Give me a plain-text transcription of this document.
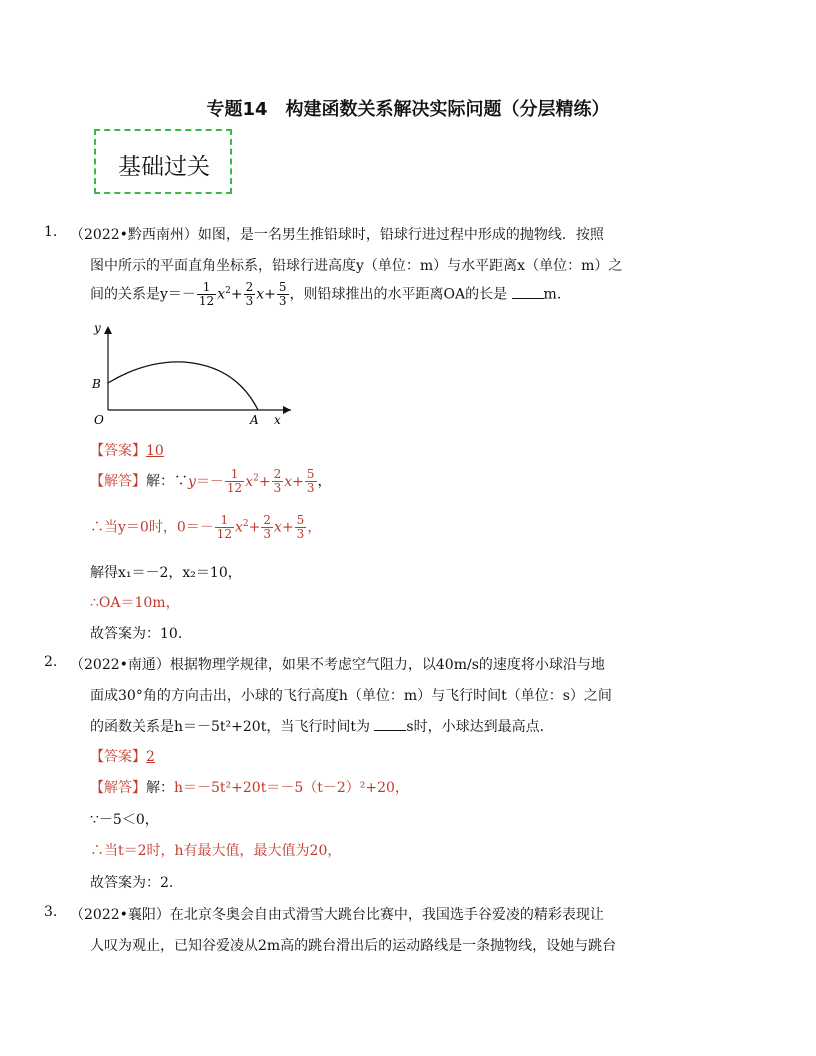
专题14　构建函数关系解决实际问题（分层精练）
基础过关
1. （2022•黔西南州）如图，是一名男生推铅球时，铅球行进过程中形成的抛物线．按照
图中所示的平面直角坐标系，铅球行进高度y（单位：m）与水平距离x（单位：m）之
间的关系是$y=- \frac{1}{12} x^2+ \frac{2}{3} x+ \frac{5}{3}$ ，则铅球推出的水平距离OA的长是	m.
y
B
O	A x
【答案】10
【解答】解：∵y＝－ $\frac{1}{12} x^2+ \frac{2}{3} x+ \frac{5}{3}$ ，
∴当y＝0时，$0=- \frac{1}{12} x^2+ \frac{2}{3} x+ \frac{5}{3}$ ，
解得x₁＝－2，x₂＝10，
∴OA＝10m，
故答案为：10.
2. （2022•南通）根据物理学规律，如果不考虑空气阻力，以40m/s的速度将小球沿与地
面成30°角的方向击出，小球的飞行高度h（单位：m）与飞行时间t（单位：s）之间
的函数关系是h＝－5t²+20t，当飞行时间t为	s时，小球达到最高点．
【答案】2
【解答】解：h＝－5t²+20t＝－5（t－2）²+20，
∵－5＜0，
∴当t＝2时，h有最大值，最大值为20，
故答案为：2.
3. （2022•襄阳）在北京冬奥会自由式滑雪大跳台比赛中，我国选手谷爱凌的精彩表现让
人叹为观止，已知谷爱凌从2m高的跳台滑出后的运动路线是一条抛物线，设她与跳台
